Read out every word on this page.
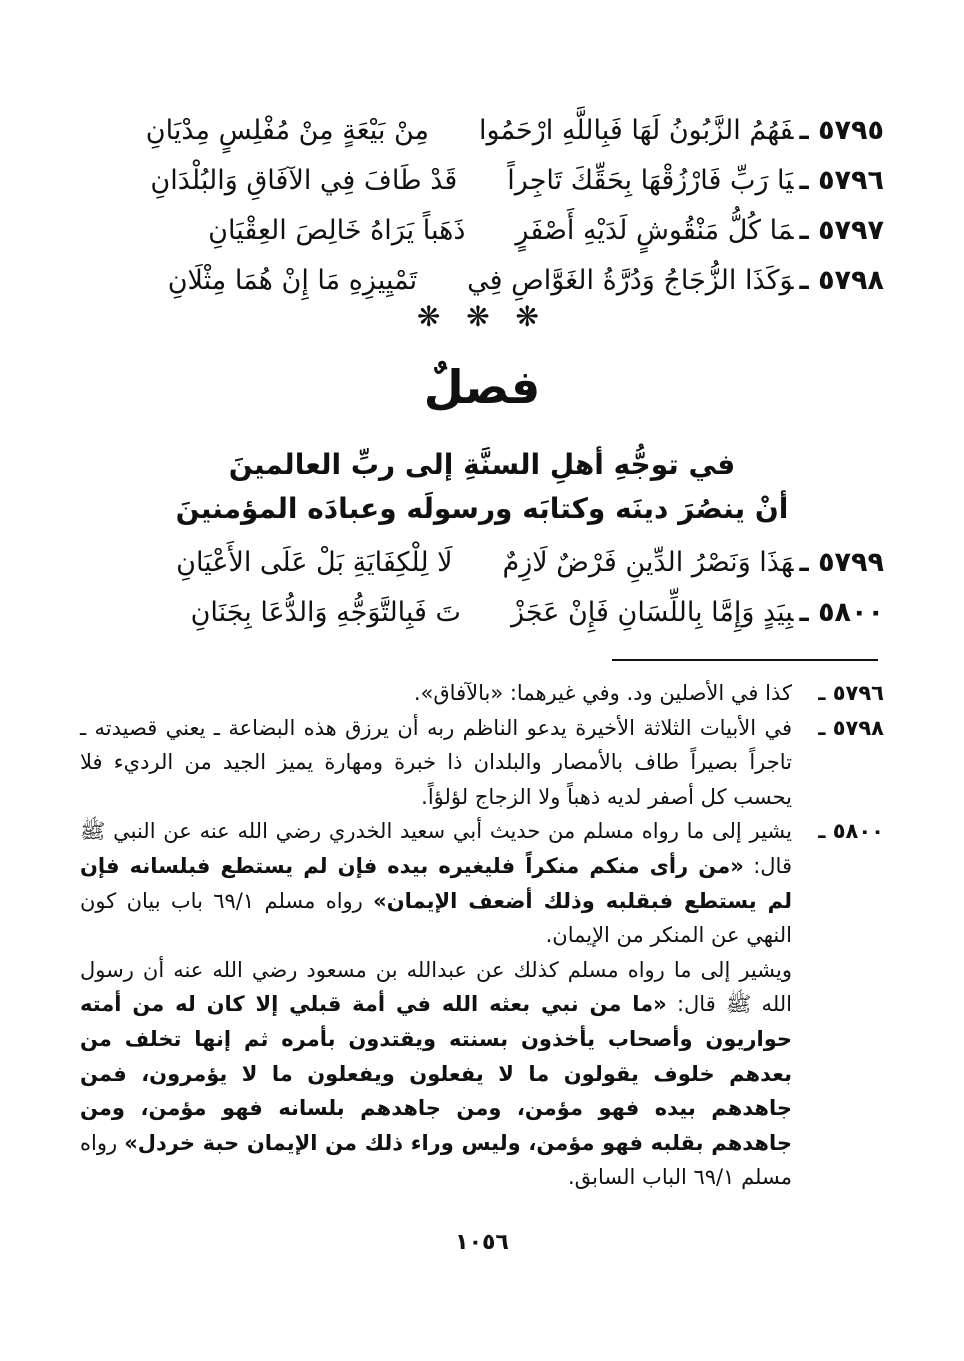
٥٧٩٥ ـفَهُمُ الزَّبُونُ لَهَا فَبِاللَّهِ ارْحَمُوا
مِنْ بَيْعَةٍ مِنْ مُفْلِسٍ مِدْيَانِ
٥٧٩٦ ـيَا رَبِّ فَارْزُقْهَا بِحَقِّكَ تَاجِراً
قَدْ طَافَ فِي الآفَاقِ وَالبُلْدَانِ
٥٧٩٧ ـمَا كُلُّ مَنْقُوشٍ لَدَيْهِ أَصْفَرٍ
ذَهَباً يَرَاهُ خَالِصَ العِقْيَانِ
٥٧٩٨ ـوَكَذَا الزُّجَاجُ وَدُرَّةُ الغَوَّاصِ فِي
تَمْيِيزِهِ مَا إِنْ هُمَا مِثْلَانِ
❋ ❋ ❋
فصلٌ
في توجُّهِ أهلِ السنَّةِ إلى ربِّ العالمينَ
أنْ ينصُرَ دينَه وكتابَه ورسولَه وعبادَه المؤمنينَ
٥٧٩٩ ـهَذَا وَنَصْرُ الدِّينِ فَرْضٌ لَازِمٌ
لَا لِلْكِفَايَةِ بَلْ عَلَى الأَعْيَانِ
٥٨٠٠ ـبِيَدٍ وَإِمَّا بِاللِّسَانِ فَإِنْ عَجَزْ
تَ فَبِالتَّوَجُّهِ وَالدُّعَا بِجَنَانِ
٥٧٩٦ ـ
كذا في الأصلين ود. وفي غيرهما: «بالآفاق».
٥٧٩٨ ـ
في الأبيات الثلاثة الأخيرة يدعو الناظم ربه أن يرزق هذه البضاعة ـ يعني قصيدته ـ تاجراً بصيراً طاف بالأمصار والبلدان ذا خبرة ومهارة يميز الجيد من الرديء فلا يحسب كل أصفر لديه ذهباً ولا الزجاج لؤلؤاً.
٥٨٠٠ ـ

يشير إلى ما رواه مسلم من حديث أبي سعيد الخدري رضي الله عنه عن النبي ﷺ قال: «من رأى منكم منكراً فليغيره بيده فإن لم يستطع فبلسانه فإن لم يستطع فبقلبه وذلك أضعف الإيمان» رواه مسلم ٦٩/١ باب بيان كون النهي عن المنكر من الإيمان.

ويشير إلى ما رواه مسلم كذلك عن عبدالله بن مسعود رضي الله عنه أن رسول الله ﷺ قال: «ما من نبي بعثه الله في أمة قبلي إلا كان له من أمته حواريون وأصحاب يأخذون بسنته ويقتدون بأمره ثم إنها تخلف من بعدهم خلوف يقولون ما لا يفعلون ويفعلون ما لا يؤمرون، فمن جاهدهم بيده فهو مؤمن، ومن جاهدهم بلسانه فهو مؤمن، ومن جاهدهم بقلبه فهو مؤمن، وليس وراء ذلك من الإيمان حبة خردل» رواه مسلم ٦٩/١ الباب السابق.

١٠٥٦
